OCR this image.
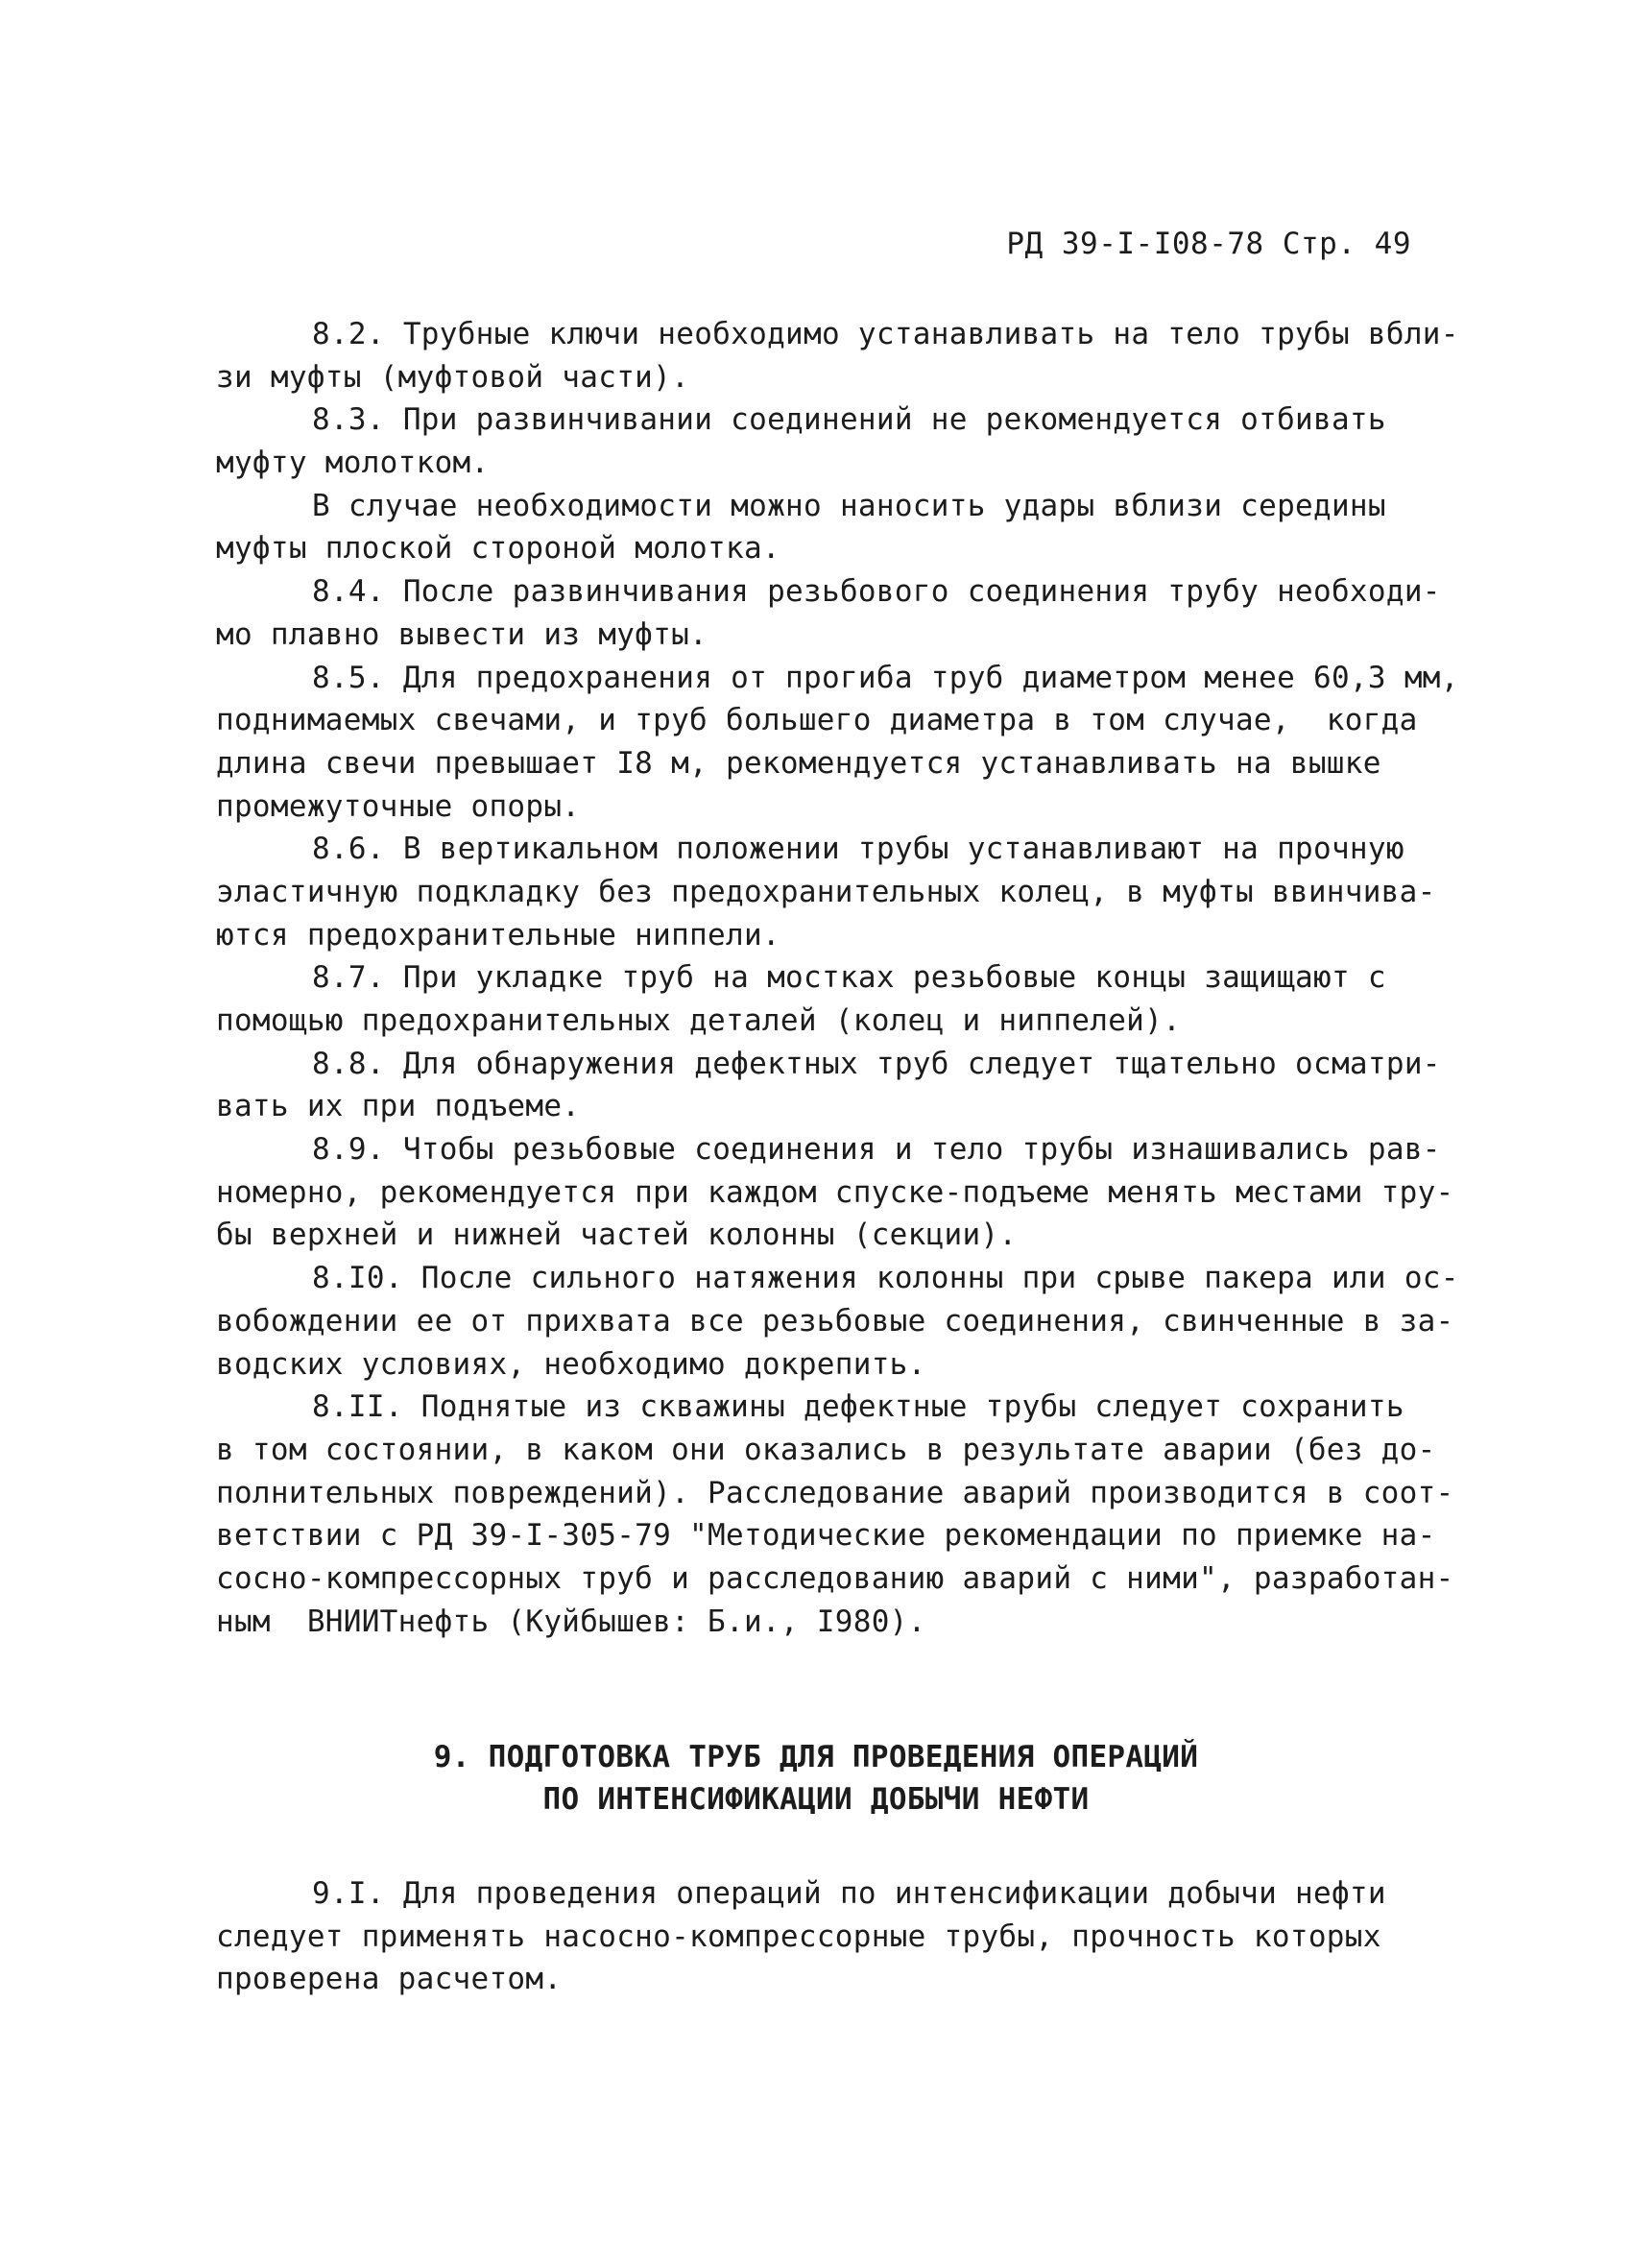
РД 39-I-I08-78 Стр. 49
8.2. Трубные ключи необходимо устанавливать на тело трубы вбли-
зи муфты (муфтовой части).
8.3. При развинчивании соединений не рекомендуется отбивать
муфту молотком.
В случае необходимости можно наносить удары вблизи середины
муфты плоской стороной молотка.
8.4. После развинчивания резьбового соединения трубу необходи-
мо плавно вывести из муфты.
8.5. Для предохранения от прогиба труб диаметром менее 60,3 мм,
поднимаемых свечами, и труб большего диаметра в том случае,  когда
длина свечи превышает I8 м, рекомендуется устанавливать на вышке
промежуточные опоры.
8.6. В вертикальном положении трубы устанавливают на прочную
эластичную подкладку без предохранительных колец, в муфты ввинчива-
ются предохранительные ниппели.
8.7. При укладке труб на мостках резьбовые концы защищают с
помощью предохранительных деталей (колец и ниппелей).
8.8. Для обнаружения дефектных труб следует тщательно осматри-
вать их при подъеме.
8.9. Чтобы резьбовые соединения и тело трубы изнашивались рав-
номерно, рекомендуется при каждом спуске-подъеме менять местами тру-
бы верхней и нижней частей колонны (секции).
8.I0. После сильного натяжения колонны при срыве пакера или ос-
вобождении ее от прихвата все резьбовые соединения, свинченные в за-
водских условиях, необходимо докрепить.
8.II. Поднятые из скважины дефектные трубы следует сохранить
в том состоянии, в каком они оказались в результате аварии (без до-
полнительных повреждений). Расследование аварий производится в соот-
ветствии с РД 39-I-305-79 "Методические рекомендации по приемке на-
сосно-компрессорных труб и расследованию аварий с ними", разработан-
ным  ВНИИТнефть (Куйбышев: Б.и., I980).
9. ПОДГОТОВКА ТРУБ ДЛЯ ПРОВЕДЕНИЯ ОПЕРАЦИЙ
ПО ИНТЕНСИФИКАЦИИ ДОБЫЧИ НЕФТИ
9.I. Для проведения операций по интенсификации добычи нефти
следует применять насосно-компрессорные трубы, прочность которых
проверена расчетом.
